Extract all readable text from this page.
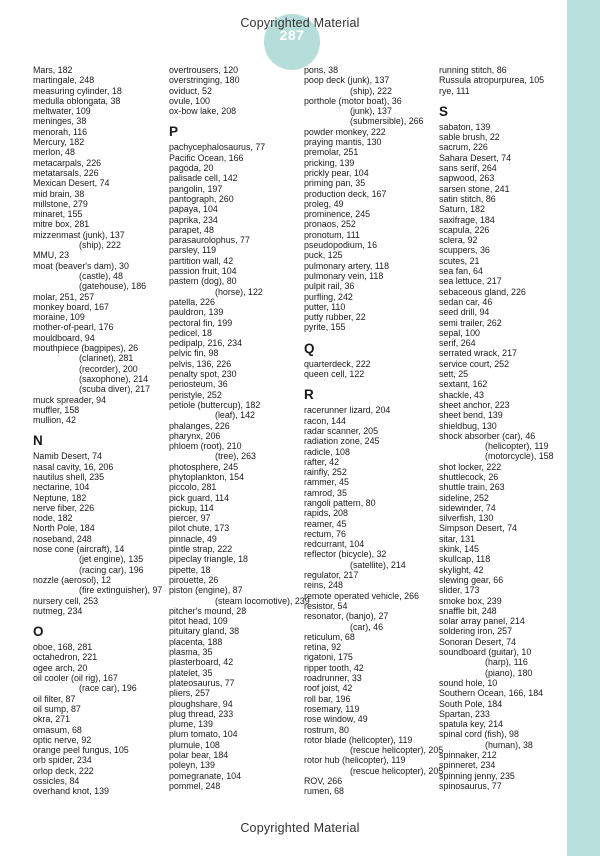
Copyrighted Material
287
Mars, 182
martingale, 248
measuring cylinder, 18
medulla oblongata, 38
meltwater, 109
meninges, 38
menorah, 116
Mercury, 182
merlon, 48
metacarpals, 226
metatarsals, 226
Mexican Desert, 74
mid brain, 38
millstone, 279
minaret, 155
mitre box, 281
mizzenmast (junk), 137
(ship), 222
MMU, 23
moat (beaver's dam), 30
(castle), 48
(gatehouse), 186
molar, 251, 257
monkey board, 167
moraine, 109
mother-of-pearl, 176
mouldboard, 94
mouthpiece (bagpipes), 26
(clarinet), 281
(recorder), 200
(saxophone), 214
(scuba diver), 217
muck spreader, 94
muffler, 158
mullion, 42
N
Namib Desert, 74
nasal cavity, 16, 206
nautilus shell, 235
nectarine, 104
Neptune, 182
nerve fiber, 226
node, 182
North Pole, 184
noseband, 248
nose cone (aircraft), 14
(jet engine), 135
(racing car), 196
nozzle (aerosol), 12
(fire extinguisher), 97
nursery cell, 253
nutmeg, 234
O
oboe, 168, 281
octahedron, 221
ogee arch, 20
oil cooler (oil rig), 167
(race car), 196
oil filter, 87
oil sump, 87
okra, 271
omasum, 68
optic nerve, 92
orange peel fungus, 105
orb spider, 234
orlop deck, 222
ossicles, 84
overhand knot, 139
overtrousers, 120
overstringing, 180
oviduct, 52
ovule, 100
ox-bow lake, 208
P
pachycephalosaurus, 77
Pacific Ocean, 166
pagoda, 20
palisade cell, 142
pangolin, 197
pantograph, 260
papaya, 104
paprika, 234
parapet, 48
parasaurolophus, 77
parsley, 119
partition wall, 42
passion fruit, 104
pastern (dog), 80
(horse), 122
patella, 226
pauldron, 139
pectoral fin, 199
pedicel, 18
pedipalp, 216, 234
pelvic fin, 98
pelvis, 136, 226
penalty spot, 230
periosteum, 36
peristyle, 252
petiole (buttercup), 182
(leaf), 142
phalanges, 226
pharynx, 206
phloem (root), 210
(tree), 263
photosphere, 245
phytoplankton, 154
piccolo, 281
pick guard, 114
pickup, 114
piercer, 97
pilot chute, 173
pinnacle, 49
pintle strap, 222
pipeclay triangle, 18
pipette, 18
pirouette, 26
piston (engine), 87
(steam locomotive), 239
pitcher's mound, 28
pitot head, 109
pituitary gland, 38
placenta, 188
plasma, 35
plasterboard, 42
platelet, 35
plateosaurus, 77
pliers, 257
ploughshare, 94
plug thread, 233
plume, 139
plum tomato, 104
plumule, 108
polar bear, 184
poleyn, 139
pomegranate, 104
pommel, 248
pons, 38
poop deck (junk), 137
(ship), 222
porthole (motor boat), 36
(junk), 137
(submersible), 266
powder monkey, 222
praying mantis, 130
premolar, 251
pricking, 139
prickly pear, 104
priming pan, 35
production deck, 167
proleg, 49
prominence, 245
pronaos, 252
pronotum, 111
pseudopodium, 16
puck, 125
pulmonary artery, 118
pulmonary vein, 118
pulpit rail, 36
purfling, 242
putter, 110
putty rubber, 22
pyrite, 155
Q
quarterdeck, 222
queen cell, 122
R
racerunner lizard, 204
racon, 144
radar scanner, 205
radiation zone, 245
radicle, 108
rafter, 42
rainfly, 252
rammer, 45
ramrod, 35
rangoli pattern, 80
rapids, 208
reamer, 45
rectum, 76
redcurrant, 104
reflector (bicycle), 32
(satellite), 214
regulator, 217
reins, 248
remote operated vehicle, 266
resistor, 54
resonator, (banjo), 27
(car), 46
reticulum, 68
retina, 92
rigatoni, 175
ripper tooth, 42
roadrunner, 33
roof joist, 42
roll bar, 196
rosemary, 119
rose window, 49
rostrum, 80
rotor blade (helicopter), 119
(rescue helicopter), 205
rotor hub (helicopter), 119
(rescue helicopter), 205
ROV, 266
rumen, 68
running stitch, 86
Russula atropurpurea, 105
rye, 111
S
sabaton, 139
sable brush, 22
sacrum, 226
Sahara Desert, 74
sans serif, 264
sapwood, 263
sarsen stone, 241
satin stitch, 86
Saturn, 182
saxifrage, 184
scapula, 226
sclera, 92
scuppers, 36
scutes, 21
sea fan, 64
sea lettuce, 217
sebaceous gland, 226
sedan car, 46
seed drill, 94
semi trailer, 262
sepal, 100
serif, 264
serrated wrack, 217
service court, 252
sett, 25
sextant, 162
shackle, 43
sheet anchor, 223
sheet bend, 139
shieldbug, 130
shock absorber (car), 46
(helicopter), 119
(motorcycle), 158
shot locker, 222
shuttlecock, 26
shuttle train, 263
sideline, 252
sidewinder, 74
silverfish, 130
Simpson Desert, 74
sitar, 131
skink, 145
skullcap, 118
skylight, 42
slewing gear, 66
slider, 173
smoke box, 239
snaffle bit, 248
solar array panel, 214
soldering iron, 257
Sonoran Desert, 74
soundboard (guitar), 10
(harp), 116
(piano), 180
sound hole, 10
Southern Ocean, 166, 184
South Pole, 184
Spartan, 233
spatula key, 214
spinal cord (fish), 98
(human), 38
spinnaker, 212
spinneret, 234
spinning jenny, 235
spinosaurus, 77
Copyrighted Material
